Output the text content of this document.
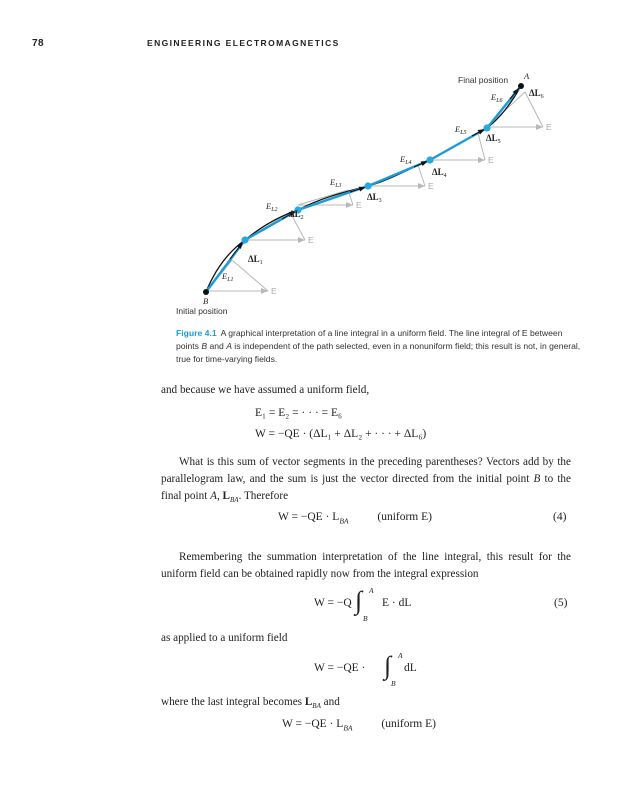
78	ENGINEERING ELECTROMAGNETICS
Final position A
Initial position
B
E
E
E
E
E
E
$E_{L1}$
$E_{L2}$
$E_{L3}$
$E_{L4}$
$E_{L5}$
$E_{L6}$
$\Delta L_1$
$\Delta L_2$
$\Delta L_3$
$\Delta L_4$
$\Delta L_5$
$\Delta L_6$
Figure 4.1 A graphical interpretation of a line integral in a uniform field. The line integral of E between points B and A is independent of the path selected, even in a nonuniform field; this result is not, in general, true for time-varying fields.
and because we have assumed a uniform field,
E₁ = E₂ = · · · = E₆
W = −QE · (ΔL₁ + ΔL₂ + · · · + ΔL₆)
What is this sum of vector segments in the preceding parentheses? Vectors add by the parallelogram law, and the sum is just the vector directed from the initial point B to the final point A, $L_{BA}$. Therefore
$W = -QE \cdot L_{BA}$	(uniform E)	(4)
Remembering the summation interpretation of the line integral, this result for the uniform field can be obtained rapidly now from the integral expression
W = −Q ∫ A
B
E · dL	(5)
as applied to a uniform field
W = −QE · ∫ A
B
dL
where the last integral becomes $L_{BA}$ and
$W = -QE \cdot L_{BA}$	(uniform E)
